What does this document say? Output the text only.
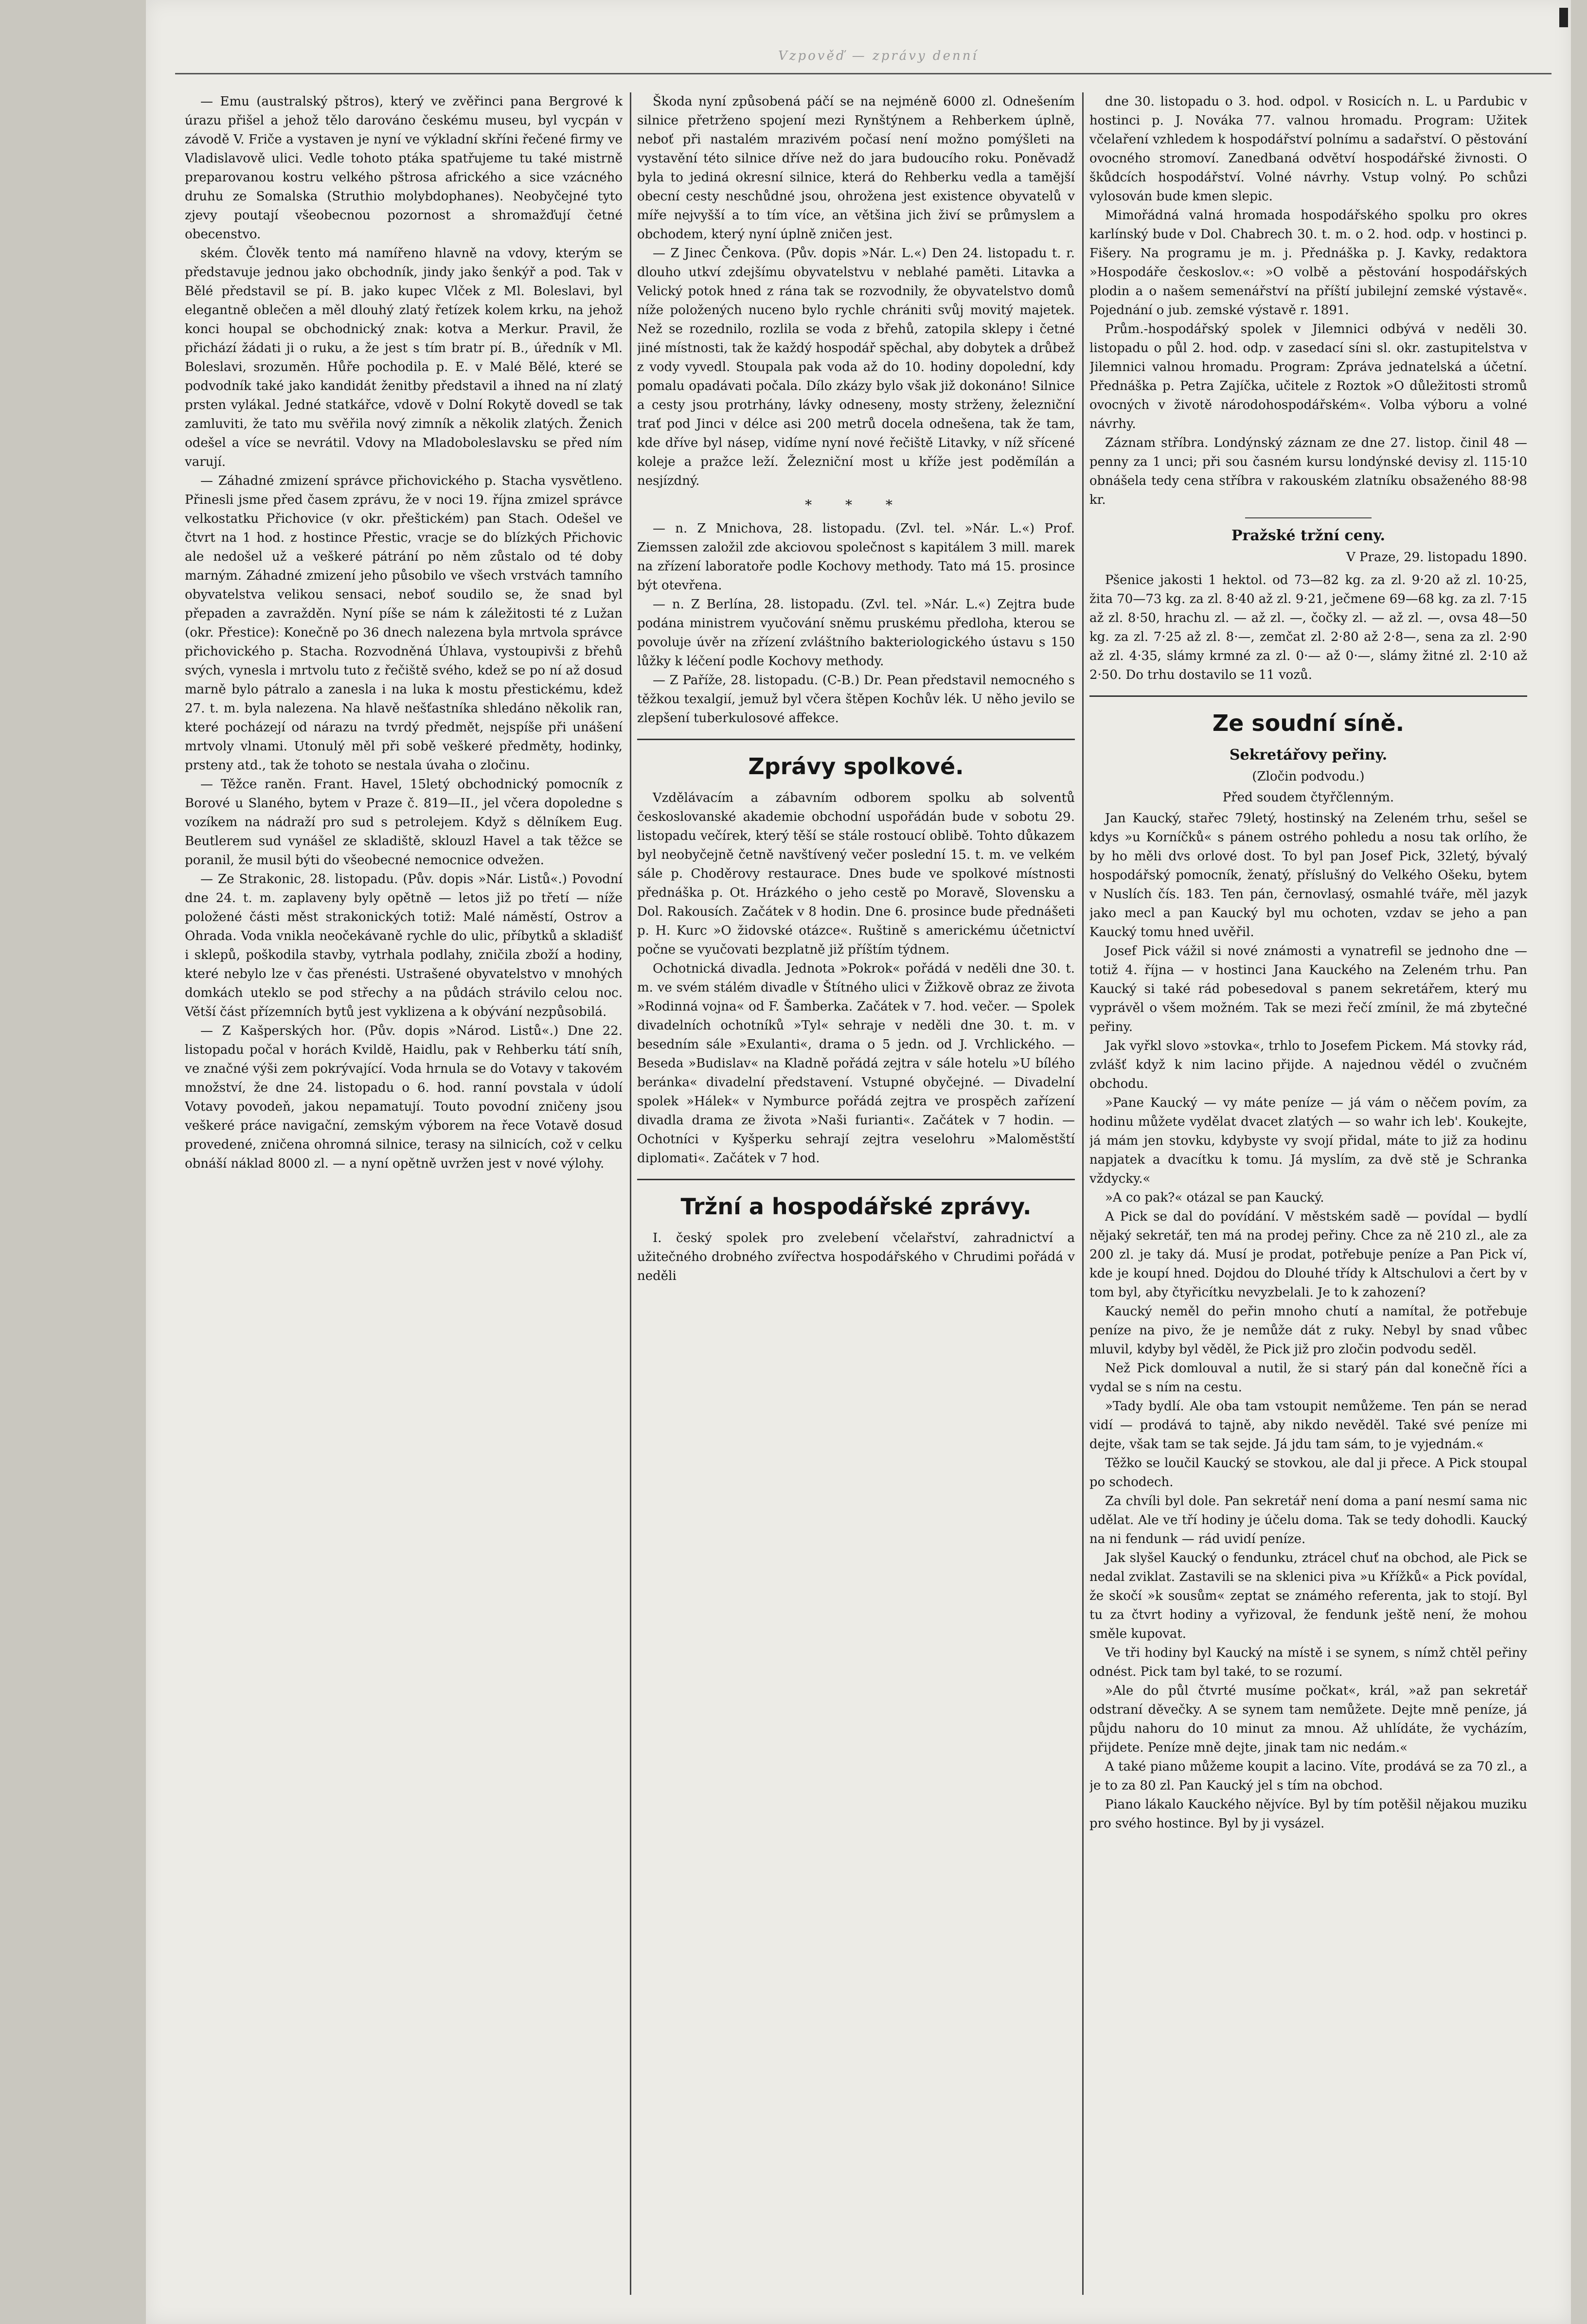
Vzpověď — zprávy denní

— Emu (australský pštros), který ve zvěřinci pana Bergrové k úrazu přišel a jehož tělo darováno českému museu, byl vycpán v závodě V. Friče a vystaven je nyní ve výkladní skříni řečené firmy ve Vladislavově ulici. Vedle tohoto ptáka spatřujeme tu také mistrně preparovanou kostru velkého pštrosa afrického a sice vzácného druhu ze Somalska (Struthio molybdophanes). Neobyčejné tyto zjevy poutají všeobecnou pozornost a shromažďují četné obecenstvo.

ském. Člověk tento má namířeno hlavně na vdovy, kterým se představuje jednou jako obchodník, jindy jako šenkýř a pod. Tak v Bělé představil se pí. B. jako kupec Vlček z Ml. Boleslavi, byl elegantně oblečen a měl dlouhý zlatý řetízek kolem krku, na jehož konci houpal se obchodnický znak: kotva a Merkur. Pravil, že přichází žádati ji o ruku, a že jest s tím bratr pí. B., úředník v Ml. Boleslavi, srozuměn. Hůře pochodila p. E. v Malé Bělé, které se podvodník také jako kandidát ženitby představil a ihned na ní zlatý prsten vylákal. Jedné statkářce, vdově v Dolní Rokytě dovedl se tak zamluviti, že tato mu svěřila nový zimník a několik zlatých. Ženich odešel a více se nevrátil. Vdovy na Mladoboleslavsku se před ním varují.

— Záhadné zmizení správce přichovického p. Stacha vysvětleno. Přinesli jsme před časem zprávu, že v noci 19. října zmizel správce velkostatku Přichovice (v okr. přeštickém) pan Stach. Odešel ve čtvrt na 1 hod. z hostince Přestic, vracje se do blízkých Přichovic ale nedošel už a veškeré pátrání po něm zůstalo od té doby marným. Záhadné zmizení jeho působilo ve všech vrstvách tamního obyvatelstva velikou sensaci, neboť soudilo se, že snad byl přepaden a zavražděn. Nyní píše se nám k záležitosti té z Lužan (okr. Přestice): Konečně po 36 dnech nalezena byla mrtvola správce přichovického p. Stacha. Rozvodněná Úhlava, vystoupivši z břehů svých, vynesla i mrtvolu tuto z řečiště svého, kdež se po ní až dosud marně bylo pátralo a zanesla i na luka k mostu přestickému, kdež 27. t. m. byla nalezena. Na hlavě nešťastníka shledáno několik ran, které pocházejí od nárazu na tvrdý předmět, nejspíše při unášení mrtvoly vlnami. Utonulý měl při sobě veškeré předměty, hodinky, prsteny atd., tak že tohoto se nestala úvaha o zločinu.

— Těžce raněn. Frant. Havel, 15letý obchodnický pomocník z Borové u Slaného, bytem v Praze č. 819—II., jel včera dopoledne s vozíkem na nádraží pro sud s petrolejem. Když s dělníkem Eug. Beutlerem sud vynášel ze skladiště, sklouzl Havel a tak těžce se poranil, že musil býti do všeobecné nemocnice odvežen.

— Ze Strakonic, 28. listopadu. (Pův. dopis »Nár. Listů«.) Povodní dne 24. t. m. zaplaveny byly opětně — letos již po třetí — níže položené části měst strakonických totiž: Malé náměstí, Ostrov a Ohrada. Voda vnikla neočekávaně rychle do ulic, příbytků a skladišť i sklepů, poškodila stavby, vytrhala podlahy, zničila zboží a hodiny, které nebylo lze v čas přenésti. Ustrašené obyvatelstvo v mnohých domkách uteklo se pod střechy a na půdách strávilo celou noc. Větší část přízemních bytů jest vyklizena a k obývání nezpůsobilá.

— Z Kašperských hor. (Pův. dopis »Národ. Listů«.) Dne 22. listopadu počal v horách Kvildě, Haidlu, pak v Rehberku tátí sníh, ve značné výši zem pokrývající. Voda hrnula se do Votavy v takovém množství, že dne 24. listopadu o 6. hod. ranní povstala v údolí Votavy povodeň, jakou nepamatují. Touto povodní zničeny jsou veškeré práce navigační, zemským výborem na řece Votavě dosud provedené, zničena ohromná silnice, terasy na silnicích, což v celku obnáší náklad 8000 zl. — a nyní opětně uvržen jest v nové výlohy.

Škoda nyní způsobená páčí se na nejméně 6000 zl. Odnešením silnice přetrženo spojení mezi Rynštýnem a Rehberkem úplně, neboť při nastalém mrazivém počasí není možno pomýšleti na vystavění této silnice dříve než do jara budoucího roku. Poněvadž byla to jediná okresní silnice, která do Rehberku vedla a tamější obecní cesty neschůdné jsou, ohrožena jest existence obyvatelů v míře nejvyšší a to tím více, an většina jich živí se průmyslem a obchodem, který nyní úplně zničen jest.

— Z Jinec Čenkova. (Pův. dopis »Nár. L.«) Den 24. listopadu t. r. dlouho utkví zdejšímu obyvatelstvu v neblahé paměti. Litavka a Velický potok hned z rána tak se rozvodnily, že obyvatelstvo domů níže položených nuceno bylo rychle chrániti svůj movitý majetek. Než se rozednilo, rozlila se voda z břehů, zatopila sklepy i četné jiné místnosti, tak že každý hospodář spěchal, aby dobytek a drůbež z vody vyvedl. Stoupala pak voda až do 10. hodiny dopolední, kdy pomalu opadávati počala. Dílo zkázy bylo však již dokonáno! Silnice a cesty jsou protrhány, lávky odneseny, mosty strženy, železniční trať pod Jinci v délce asi 200 metrů docela odnešena, tak že tam, kde dříve byl násep, vidíme nyní nové řečiště Litavky, v níž sřícené koleje a pražce leží. Železniční most u kříže jest poděmílán a nesjízdný.

* * *

— n. Z Mnichova, 28. listopadu. (Zvl. tel. »Nár. L.«) Prof. Ziemssen založil zde akciovou společnost s kapitálem 3 mill. marek na zřízení laboratoře podle Kochovy methody. Tato má 15. prosince být otevřena.

— n. Z Berlína, 28. listopadu. (Zvl. tel. »Nár. L.«) Zejtra bude podána ministrem vyučování sněmu pruskému předloha, kterou se povoluje úvěr na zřízení zvláštního bakteriologického ústavu s 150 lůžky k léčení podle Kochovy methody.

— Z Paříže, 28. listopadu. (C-B.) Dr. Pean představil nemocného s těžkou texalgií, jemuž byl včera štěpen Kochův lék. U něho jevilo se zlepšení tuberkulosové affekce.

Zprávy spolkové.

Vzdělávacím a zábavním odborem spolku ab solventů českoslovanské akademie obchodní uspořádán bude v sobotu 29. listopadu večírek, který těší se stále rostoucí oblibě. Tohto důkazem byl neobyčejně četně navštívený večer poslední 15. t. m. ve velkém sále p. Choděrovy restaurace. Dnes bude ve spolkové místnosti přednáška p. Ot. Hrázkého o jeho cestě po Moravě, Slovensku a Dol. Rakousích. Začátek v 8 hodin. Dne 6. prosince bude přednášeti p. H. Kurc »O židovské otázce«. Ruštině s americkému účetnictví počne se vyučovati bezplatně již příštím týdnem.

Ochotnická divadla. Jednota »Pokrok« pořádá v neděli dne 30. t. m. ve svém stálém divadle v Štítného ulici v Žižkově obraz ze života »Rodinná vojna« od F. Šamberka. Začátek v 7. hod. večer. — Spolek divadelních ochotníků »Tyl« sehraje v neděli dne 30. t. m. v besedním sále »Exulanti«, drama o 5 jedn. od J. Vrchlického. — Beseda »Budislav« na Kladně pořádá zejtra v sále hotelu »U bílého beránka« divadelní představení. Vstupné obyčejné. — Divadelní spolek »Hálek« v Nymburce pořádá zejtra ve prospěch zařízení divadla drama ze života »Naši furianti«. Začátek v 7 hodin. — Ochotníci v Kyšperku sehrají zejtra veselohru »Maloměstští diplomati«. Začátek v 7 hod.

Tržní a hospodářské zprávy.

I. český spolek pro zvelebení včelařství, zahradnictví a užitečného drobného zvířectva hospodářského v Chrudimi pořádá v neděli

dne 30. listopadu o 3. hod. odpol. v Rosicích n. L. u Pardubic v hostinci p. J. Nováka 77. valnou hromadu. Program: Užitek včelaření vzhledem k hospodářství polnímu a sadařství. O pěstování ovocného stromoví. Zanedbaná odvětví hospodářské živnosti. O škůdcích hospodářství. Volné návrhy. Vstup volný. Po schůzi vylosován bude kmen slepic.

Mimořádná valná hromada hospodářského spolku pro okres karlínský bude v Dol. Chabrech 30. t. m. o 2. hod. odp. v hostinci p. Fišery. Na programu je m. j. Přednáška p. J. Kavky, redaktora »Hospodáře českoslov.«: »O volbě a pěstování hospodářských plodin a o našem semenářství na příští jubilejní zemské výstavě«. Pojednání o jub. zemské výstavě r. 1891.

Prům.-hospodářský spolek v Jilemnici odbývá v neděli 30. listopadu o půl 2. hod. odp. v zasedací síni sl. okr. zastupitelstva v Jilemnici valnou hromadu. Program: Zpráva jednatelská a účetní. Přednáška p. Petra Zajíčka, učitele z Roztok »O důležitosti stromů ovocných v životě národohospodářském«. Volba výboru a volné návrhy.

Záznam stříbra. Londýnský záznam ze dne 27. listop. činil 48 — penny za 1 unci; při sou časném kursu londýnské devisy zl. 115·10 obnášela tedy cena stříbra v rakouském zlatníku obsaženého 88·98 kr.

Pražské tržní ceny.
V Praze, 29. listopadu 1890.

Pšenice jakosti 1 hektol. od 73—82 kg. za zl. 9·20 až zl. 10·25, žita 70—73 kg. za zl. 8·40 až zl. 9·21, ječmene 69—68 kg. za zl. 7·15 až zl. 8·50, hrachu zl. — až zl. —, čočky zl. — až zl. —, ovsa 48—50 kg. za zl. 7·25 až zl. 8·—, zemčat zl. 2·80 až 2·8—, sena za zl. 2·90 až zl. 4·35, slámy krmné za zl. 0·— až 0·—, slámy žitné zl. 2·10 až 2·50. Do trhu dostavilo se 11 vozů.

Ze soudní síně.
Sekretářovy peřiny.
(Zločin podvodu.)
Před soudem čtyřčlenným.

Jan Kaucký, stařec 79letý, hostinský na Zeleném trhu, sešel se kdys »u Korníčků« s pánem ostrého pohledu a nosu tak orlího, že by ho měli dvs orlové dost. To byl pan Josef Pick, 32letý, bývalý hospodářský pomocník, ženatý, příslušný do Velkého Ošeku, bytem v Nuslích čís. 183. Ten pán, černovlasý, osmahlé tváře, měl jazyk jako mecl a pan Kaucký byl mu ochoten, vzdav se jeho a pan Kaucký tomu hned uvěřil.

Josef Pick vážil si nové známosti a vynatrefil se jednoho dne — totiž 4. října — v hostinci Jana Kauckého na Zeleném trhu. Pan Kaucký si také rád pobesedoval s panem sekretářem, který mu vyprávěl o všem možném. Tak se mezi řečí zmínil, že má zbytečné peřiny.

Jak vyřkl slovo »stovka«, trhlo to Josefem Pickem. Má stovky rád, zvlášť když k nim lacino přijde. A najednou vědél o zvučném obchodu.

»Pane Kaucký — vy máte peníze — já vám o něčem povím, za hodinu můžete vydělat dvacet zlatých — so wahr ich leb'. Koukejte, já mám jen stovku, kdybyste vy svojí přidal, máte to již za hodinu napjatek a dvacítku k tomu. Já myslím, za dvě stě je Schranka vždycky.«

»A co pak?« otázal se pan Kaucký.

A Pick se dal do povídání. V městském sadě — povídal — bydlí nějaký sekretář, ten má na prodej peřiny. Chce za ně 210 zl., ale za 200 zl. je taky dá. Musí je prodat, potřebuje peníze a Pan Pick ví, kde je koupí hned. Dojdou do Dlouhé třídy k Altschulovi a čert by v tom byl, aby čtyřicítku nevyzbelali. Je to k zahození?

Kaucký neměl do peřin mnoho chutí a namítal, že potřebuje peníze na pivo, že je nemůže dát z ruky. Nebyl by snad vůbec mluvil, kdyby byl věděl, že Pick již pro zločin podvodu seděl.

Než Pick domlouval a nutil, že si starý pán dal konečně říci a vydal se s ním na cestu.

»Tady bydlí. Ale oba tam vstoupit nemůžeme. Ten pán se nerad vidí — prodává to tajně, aby nikdo nevěděl. Také své peníze mi dejte, však tam se tak sejde. Já jdu tam sám, to je vyjednám.«

Těžko se loučil Kaucký se stovkou, ale dal ji přece. A Pick stoupal po schodech.

Za chvíli byl dole. Pan sekretář není doma a paní nesmí sama nic udělat. Ale ve tří hodiny je účelu doma. Tak se tedy dohodli. Kaucký na ni fendunk — rád uvidí peníze.

Jak slyšel Kaucký o fendunku, ztrácel chuť na obchod, ale Pick se nedal zviklat. Zastavili se na sklenici piva »u Křížků« a Pick povídal, že skočí »k sousům« zeptat se známého referenta, jak to stojí. Byl tu za čtvrt hodiny a vyřizoval, že fendunk ještě není, že mohou směle kupovat.

Ve tři hodiny byl Kaucký na místě i se synem, s nímž chtěl peřiny odnést. Pick tam byl také, to se rozumí.

»Ale do půl čtvrté musíme počkat«, král, »až pan sekretář odstraní děvečky. A se synem tam nemůžete. Dejte mně peníze, já půjdu nahoru do 10 minut za mnou. Až uhlídáte, že vycházím, přijdete. Peníze mně dejte, jinak tam nic nedám.«

A také piano můžeme koupit a lacino. Víte, prodává se za 70 zl., a je to za 80 zl. Pan Kaucký jel s tím na obchod.

Piano lákalo Kauckého nějvíce. Byl by tím potěšil nějakou muziku pro svého hostince. Byl by ji vysázel.
